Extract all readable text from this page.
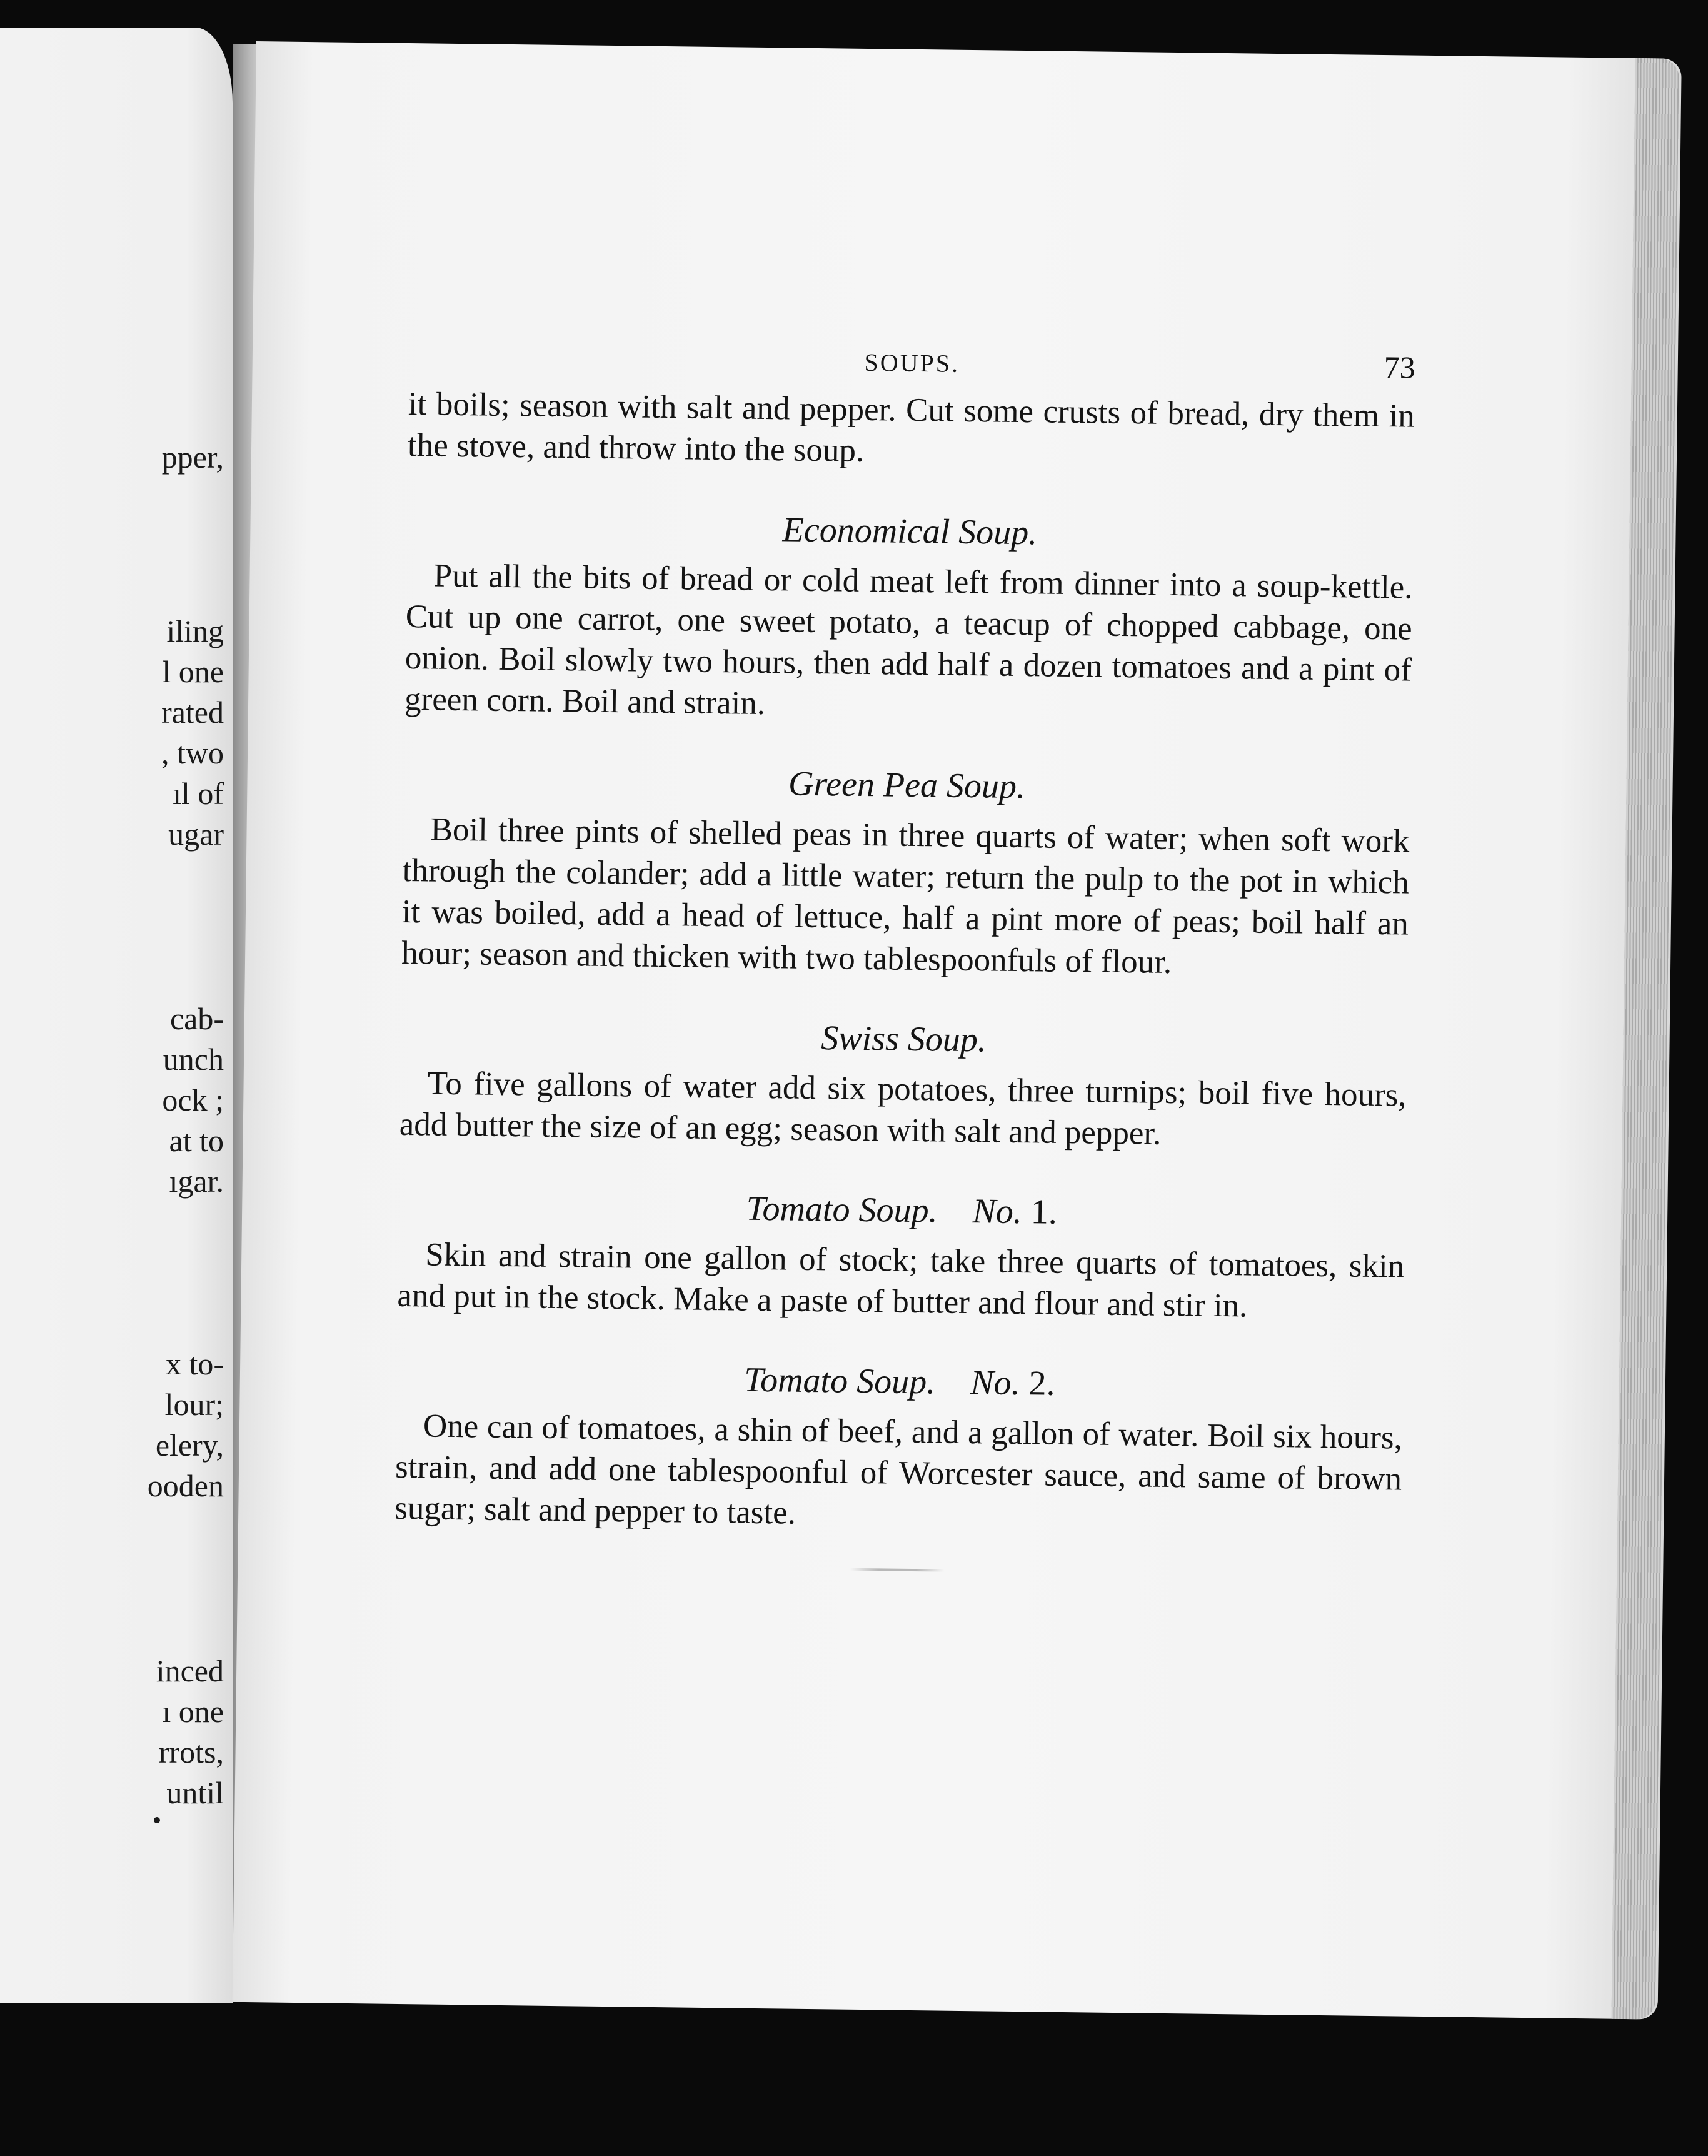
pper,
iling
l one
rated
, two
ıl of
ugar
cab-
unch
ock ;
at to
ıgar.
x to-
lour;
elery,
ooden
inced
ı one
rrots,
until
SOUPS.	73

it boils; season with salt and pepper. Cut some crusts of bread, dry them in the stove, and throw into the soup.

Economical Soup.

Put all the bits of bread or cold meat left from dinner into a soup-kettle. Cut up one carrot, one sweet potato, a teacup of chopped cabbage, one onion. Boil slowly two hours, then add half a dozen tomatoes and a pint of green corn. Boil and strain.

Green Pea Soup.

Boil three pints of shelled peas in three quarts of water; when soft work through the colander; add a little water; return the pulp to the pot in which it was boiled, add a head of lettuce, half a pint more of peas; boil half an hour; season and thicken with two tablespoonfuls of flour.

Swiss Soup.

To five gallons of water add six potatoes, three turnips; boil five hours, add butter the size of an egg; season with salt and pepper.

Tomato Soup. No. 1.

Skin and strain one gallon of stock; take three quarts of tomatoes, skin and put in the stock. Make a paste of butter and flour and stir in.

Tomato Soup. No. 2.

One can of tomatoes, a shin of beef, and a gallon of water. Boil six hours, strain, and add one tablespoonful of Worcester sauce, and same of brown sugar; salt and pepper to taste.
